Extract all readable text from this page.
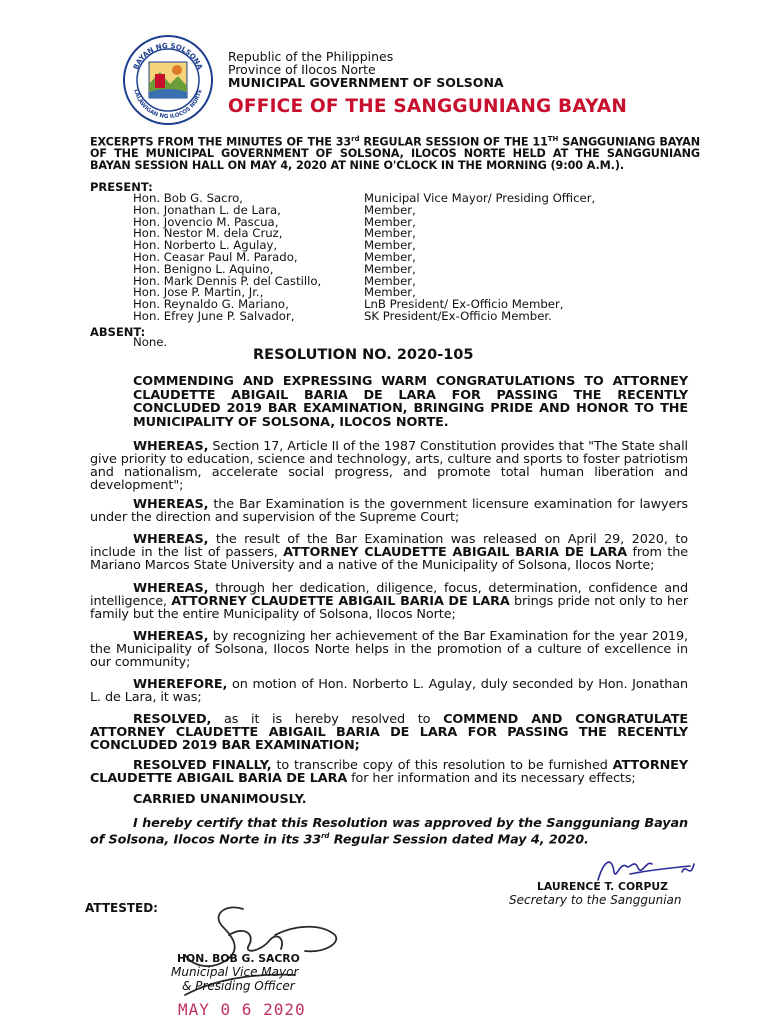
BAYAN NG SOLSONA
LALAWIGAN NG ILOCOS NORTE
Republic of the Philippines
Province of Ilocos Norte
MUNICIPAL GOVERNMENT OF SOLSONA
OFFICE OF THE SANGGUNIANG BAYAN
EXCERPTS FROM THE MINUTES OF THE 33rd REGULAR SESSION OF THE 11TH SANGGUNIANG BAYAN OF THE MUNICIPAL GOVERNMENT OF SOLSONA, ILOCOS NORTE HELD AT THE SANGGUNIANG BAYAN SESSION HALL ON MAY 4, 2020 AT NINE O'CLOCK IN THE MORNING (9:00 A.M.).
PRESENT:
Hon. Bob G. Sacro,	Municipal Vice Mayor/ Presiding Officer,
Hon. Jonathan L. de Lara,	Member,
Hon. Jovencio M. Pascua,	Member,
Hon. Nestor M. dela Cruz,	Member,
Hon. Norberto L. Agulay,	Member,
Hon. Ceasar Paul M. Parado,	Member,
Hon. Benigno L. Aquino,	Member,
Hon. Mark Dennis P. del Castillo,	Member,
Hon. Jose P. Martin, Jr.,	Member,
Hon. Reynaldo G. Mariano,	LnB President/ Ex-Officio Member,
Hon. Efrey June P. Salvador,	SK President/Ex-Officio Member.
ABSENT:
None.
RESOLUTION NO. 2020-105
COMMENDING AND EXPRESSING WARM CONGRATULATIONS TO ATTORNEY CLAUDETTE ABIGAIL BARIA DE LARA FOR PASSING THE RECENTLY CONCLUDED 2019 BAR EXAMINATION, BRINGING PRIDE AND HONOR TO THE MUNICIPALITY OF SOLSONA, ILOCOS NORTE.
WHEREAS, Section 17, Article II of the 1987 Constitution provides that "The State shall give priority to education, science and technology, arts, culture and sports to foster patriotism and nationalism, accelerate social progress, and promote total human liberation and development";
WHEREAS, the Bar Examination is the government licensure examination for lawyers under the direction and supervision of the Supreme Court;
WHEREAS, the result of the Bar Examination was released on April 29, 2020, to include in the list of passers, ATTORNEY CLAUDETTE ABIGAIL BARIA DE LARA from the Mariano Marcos State University and a native of the Municipality of Solsona, Ilocos Norte;
WHEREAS, through her dedication, diligence, focus, determination, confidence and intelligence, ATTORNEY CLAUDETTE ABIGAIL BARIA DE LARA brings pride not only to her family but the entire Municipality of Solsona, Ilocos Norte;
WHEREAS, by recognizing her achievement of the Bar Examination for the year 2019, the Municipality of Solsona, Ilocos Norte helps in the promotion of a culture of excellence in our community;
WHEREFORE, on motion of Hon. Norberto L. Agulay, duly seconded by Hon. Jonathan L. de Lara, it was;
RESOLVED, as it is hereby resolved to COMMEND AND CONGRATULATE ATTORNEY CLAUDETTE ABIGAIL BARIA DE LARA FOR PASSING THE RECENTLY CONCLUDED 2019 BAR EXAMINATION;
RESOLVED FINALLY, to transcribe copy of this resolution to be furnished ATTORNEY CLAUDETTE ABIGAIL BARIA DE LARA for her information and its necessary effects;
CARRIED UNANIMOUSLY.
I hereby certify that this Resolution was approved by the Sangguniang Bayan of Solsona, Ilocos Norte in its 33rd Regular Session dated May 4, 2020.
LAURENCE T. CORPUZ
Secretary to the Sanggunian
ATTESTED:
HON. BOB G. SACRO
Municipal Vice Mayor
& Presiding Officer
MAY 0 6 2020
